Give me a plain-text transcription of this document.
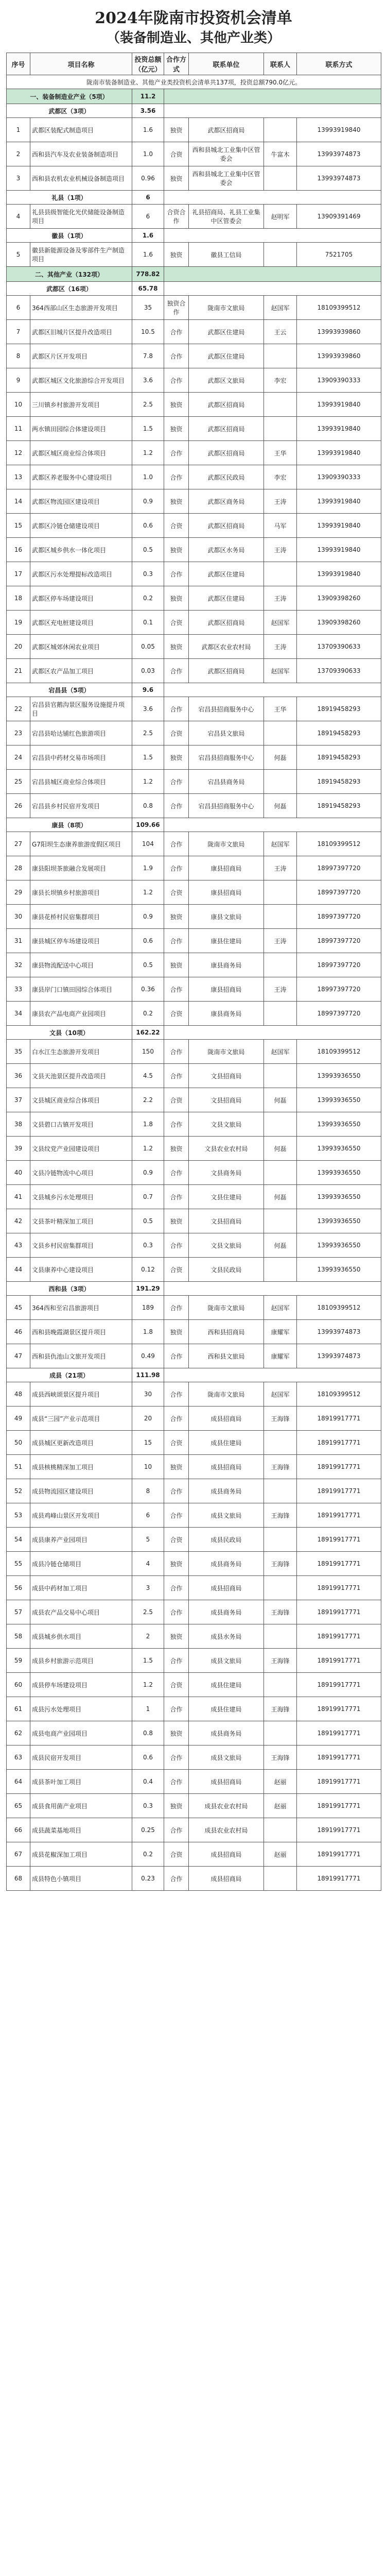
2024年陇南市投资机会清单
（装备制造业、其他产业类）
序号	项目名称	投资总额（亿元）	合作方式	联系单位	联系人	联系方式
陇南市装备制造业、其他产业类投资机会清单共137项，投资总额790.0亿元。						
一、装备制造业产业（5项）		11.2				
武都区（3项）		3.56				
1	武都区装配式制造项目	1.6	独资	武都区招商局		13993919840
2	西和县汽车及农业装备制造项目	1.0	合资	西和县城北工业集中区管委会	牛富木	13993974873
3	西和县农机农业机械设备制造项目	0.96	独资	西和县城北工业集中区管委会		13993974873
礼县（1项）		6				
4	礼县县级智能化光伏储能设备制造项目	6	合资合作	礼县招商局、礼县工业集中区管委会	赵明军	13909391469
徽县（1项）		1.6				
5	徽县新能源设备及零部件生产制造项目	1.6	独资	徽县工信局		7521705
二、其他产业（132项）		778.82				
武都区（16项）		65.78				
6	364西部山区生态旅游开发项目	35	独资合作	陇南市文旅局	赵国军	18109399512
7	武都区旧城片区提升改造项目	10.5	合作	武都区住建局	王云	13993939860
8	武都区片区开发项目	7.8	合作	武都区住建局		13993939860
9	武都区城区文化旅游综合开发项目	3.6	合作	武都区文旅局	李宏	13909390333
10	三川镇乡村旅游开发项目	2.5	独资	武都区招商局		13993919840
11	两水镇田园综合体建设项目	1.5	独资	武都区招商局		13993919840
12	武都区城区商业综合体项目	1.2	合作	武都区招商局	王华	13993919840
13	武都区养老服务中心建设项目	1.0	合作	武都区民政局	李宏	13909390333
14	武都区物流园区建设项目	0.9	独资	武都区商务局	王涛	13993919840
15	武都区冷链仓储建设项目	0.6	合资	武都区招商局	马军	13993919840
16	武都区城乡供水一体化项目	0.5	独资	武都区水务局	王涛	13993919840
17	武都区污水处理提标改造项目	0.3	合作	武都区住建局		13993919840
18	武都区停车场建设项目	0.2	独资	武都区住建局	王涛	13909398260
19	武都区充电桩建设项目	0.1	合资	武都区招商局	赵国军	13909398260
20	武都区城郊休闲农业项目	0.05	独资	武都区农业农村局	王涛	13709390633
21	武都区农产品加工项目	0.03	合作	武都区招商局	赵国军	13709390633
宕昌县（5项）		9.6				
22	宕昌县官鹅沟景区服务设施提升项目	3.6	合作	宕昌县招商服务中心	王华	18919458293
23	宕昌县哈达铺红色旅游项目	2.5	合资	宕昌县文旅局		18919458293
24	宕昌县中药材交易市场项目	1.5	独资	宕昌县招商服务中心	何磊	18919458293
25	宕昌县城区商业综合体项目	1.2	合作	宕昌县商务局		18919458293
26	宕昌县乡村民宿开发项目	0.8	合作	宕昌县招商服务中心	何磊	18919458293
康县（8项）		109.66				
27	G7阳坝生态康养旅游度假区项目	104	合作	陇南市文旅局	赵国军	18109399512
28	康县阳坝茶旅融合发展项目	1.9	合作	康县招商局	王涛	18997397720
29	康县长坝镇乡村旅游项目	1.2	合资	康县招商局		18997397720
30	康县花桥村民宿集群项目	0.9	独资	康县文旅局		18997397720
31	康县城区停车场建设项目	0.6	合作	康县住建局	王涛	18997397720
32	康县物流配送中心项目	0.5	独资	康县商务局		18997397720
33	康县岸门口镇田园综合体项目	0.36	合作	康县招商局	王涛	18997397720
34	康县农产品电商产业园项目	0.2	合资	康县商务局		18997397720
文县（10项）		162.22				
35	白水江生态旅游开发项目	150	合作	陇南市文旅局	赵国军	18109399512
36	文县天池景区提升改造项目	4.5	合作	文县招商局		13993936550
37	文县城区商业综合体项目	2.2	合资	文县招商局	何磊	13993936550
38	文县碧口古镇开发项目	1.8	合作	文县文旅局		13993936550
39	文县纹党产业园建设项目	1.2	独资	文县农业农村局	何磊	13993936550
40	文县冷链物流中心项目	0.9	合作	文县商务局		13993936550
41	文县城乡污水处理项目	0.7	合作	文县住建局	何磊	13993936550
42	文县茶叶精深加工项目	0.5	独资	文县招商局		13993936550
43	文县乡村民宿集群项目	0.3	合作	文县文旅局	何磊	13993936550
44	文县康养中心建设项目	0.12	合资	文县民政局		13993936550
西和县（3项）		191.29				
45	364西和至宕昌旅游项目	189	合作	陇南市文旅局	赵国军	18109399512
46	西和县晚霞湖景区提升项目	1.8	独资	西和县招商局	康耀军	13993974873
47	西和县仇池山文旅开发项目	0.49	合作	西和县文旅局	康耀军	13993974873
成县（21项）		111.98				
48	成县西峡颂景区提升项目	30	合作	陇南市文旅局	赵国军	18109399512
49	成县“三园”产业示范项目	20	合作	成县招商局	王海锋	18919917771
50	成县城区更新改造项目	15	合资	成县住建局		18919917771
51	成县核桃精深加工项目	10	独资	成县招商局	王海锋	18919917771
52	成县物流园区建设项目	8	合作	成县商务局		18919917771
53	成县鸡峰山景区开发项目	6	合作	成县文旅局	王海锋	18919917771
54	成县康养产业园项目	5	合资	成县民政局		18919917771
55	成县冷链仓储项目	4	独资	成县商务局	王海锋	18919917771
56	成县中药材加工项目	3	合作	成县招商局		18919917771
57	成县农产品交易中心项目	2.5	合作	成县商务局	王海锋	18919917771
58	成县城乡供水项目	2	独资	成县水务局		18919917771
59	成县乡村旅游示范项目	1.5	合作	成县文旅局	王海锋	18919917771
60	成县停车场建设项目	1.2	合资	成县住建局		18919917771
61	成县污水处理项目	1	合作	成县住建局	王海锋	18919917771
62	成县电商产业园项目	0.8	独资	成县商务局		18919917771
63	成县民宿开发项目	0.6	合作	成县文旅局	王海锋	18919917771
64	成县茶叶加工项目	0.4	合作	成县招商局	赵丽	18919917771
65	成县食用菌产业项目	0.3	独资	成县农业农村局	赵丽	18919917771
66	成县蔬菜基地项目	0.25	合作	成县农业农村局		18919917771
67	成县花椒深加工项目	0.2	合资	成县招商局	赵丽	18919917771
68	成县特色小镇项目	0.23	合作	成县招商局		18919917771
